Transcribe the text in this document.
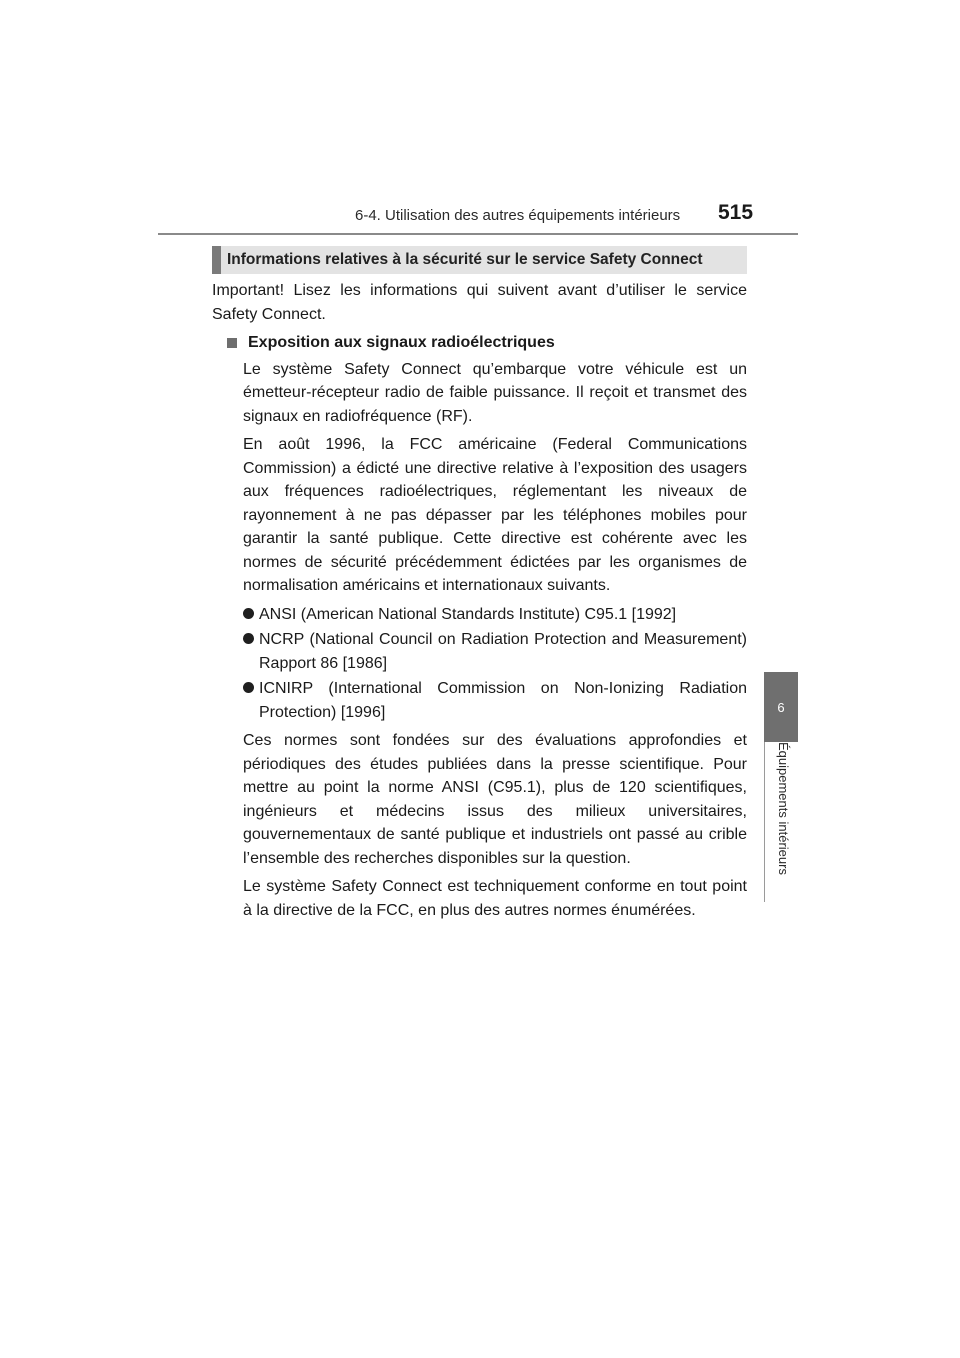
6-4. Utilisation des autres équipements intérieurs 515
6
Équipements intérieurs
Informations relatives à la sécurité sur le service Safety Connect

Important! Lisez les informations qui suivent avant d’utiliser le service Safety Connect.

Exposition aux signaux radioélectriques

Le système Safety Connect qu’embarque votre véhicule est un émetteur-récepteur radio de faible puissance. Il reçoit et transmet des signaux en radiofréquence (RF).

En août 1996, la FCC américaine (Federal Communications Commission) a édicté une directive relative à l’exposition des usagers aux fréquences radioélectriques, réglementant les niveaux de rayonnement à ne pas dépasser par les téléphones mobiles pour garantir la santé publique. Cette directive est cohérente avec les normes de sécurité précédemment édictées par les organismes de normalisation américains et internationaux suivants.

ANSI (American National Standards Institute) C95.1 [1992]
NCRP (National Council on Radiation Protection and Measurement) Rapport 86 [1986]
ICNIRP (International Commission on Non-Ionizing Radiation Protection) [1996]

Ces normes sont fondées sur des évaluations approfondies et périodiques des études publiées dans la presse scientifique. Pour mettre au point la norme ANSI (C95.1), plus de 120 scientifiques, ingénieurs et médecins issus des milieux universitaires, gouvernementaux de santé publique et industriels ont passé au crible l’ensemble des recherches disponibles sur la question.

Le système Safety Connect est techniquement conforme en tout point à la directive de la FCC, en plus des autres normes énumérées.
